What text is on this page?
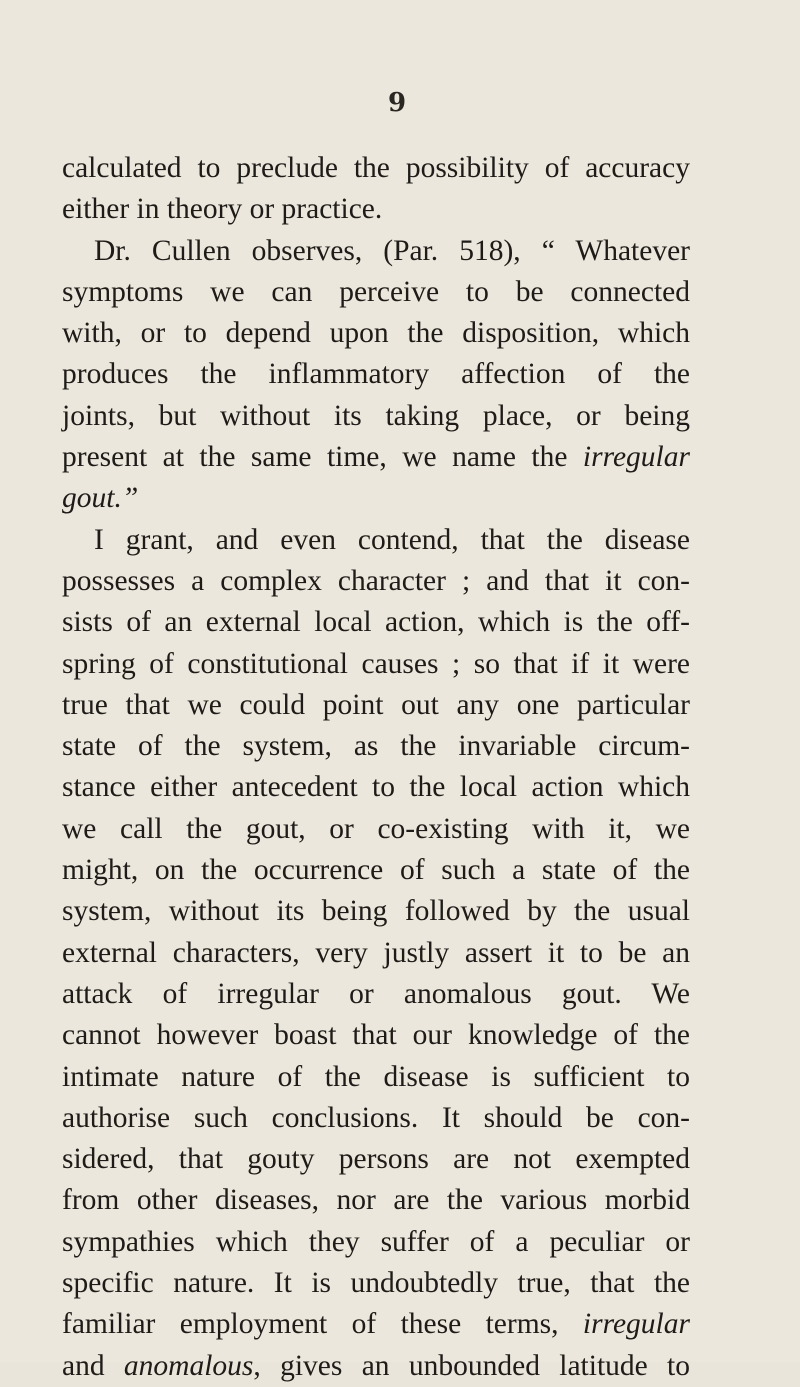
9
calculated to preclude the possibility of accuracy
either in theory or practice.
Dr. Cullen observes, (Par. 518), “ Whatever
symptoms we can perceive to be connected
with, or to depend upon the disposition, which
produces the inflammatory affection of the
joints, but without its taking place, or being
present at the same time, we name the irregular
gout.”
I grant, and even contend, that the disease
possesses a complex character ; and that it con-
sists of an external local action, which is the off-
spring of constitutional causes ; so that if it were
true that we could point out any one particular
state of the system, as the invariable circum-
stance either antecedent to the local action which
we call the gout, or co-existing with it, we
might, on the occurrence of such a state of the
system, without its being followed by the usual
external characters, very justly assert it to be an
attack of irregular or anomalous gout. We
cannot however boast that our knowledge of the
intimate nature of the disease is sufficient to
authorise such conclusions. It should be con-
sidered, that gouty persons are not exempted
from other diseases, nor are the various morbid
sympathies which they suffer of a peculiar or
specific nature. It is undoubtedly true, that the
familiar employment of these terms, irregular
and anomalous, gives an unbounded latitude to
